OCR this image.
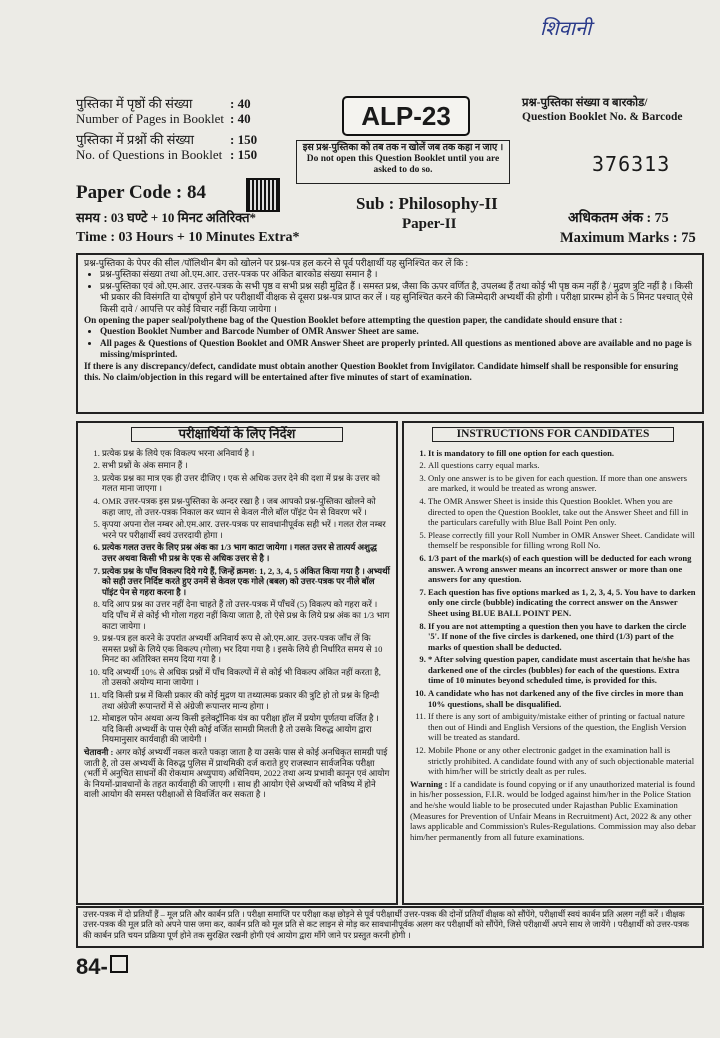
शिवानी
पुस्तिका में पृष्ठों की संख्या	: 40
Number of Pages in Booklet : 40
पुस्तिका में प्रश्नों की संख्या	: 150
No. of Questions in Booklet : 150
ALP-23
इस प्रश्न-पुस्तिका को तब तक न खोलें जब तक कहा न जाए । Do not open this Question Booklet until you are asked to do so.
प्रश्न-पुस्तिका संख्या व बारकोड/
Question Booklet No. & Barcode
376313
Paper Code : 84
Sub : Philosophy-II
Paper-II
समय : 03 घण्टे + 10 मिनट अतिरिक्त*
Time : 03 Hours + 10 Minutes Extra*
अधिकतम अंक : 75
Maximum Marks : 75
प्रश्न-पुस्तिका के पेपर की सील /पॉलिथीन बैग को खोलने पर प्रश्न-पत्र हल करने से पूर्व परीक्षार्थी यह सुनिश्चित कर लें कि :
• प्रश्न-पुस्तिका संख्या तथा ओ.एम.आर. उत्तर-पत्रक पर अंकित बारकोड संख्या समान है ।
• प्रश्न-पुस्तिका एवं ओ.एम.आर. उत्तर-पत्रक के सभी पृष्ठ व सभी प्रश्न सही मुद्रित हैं । समस्त प्रश्न, जैसा कि ऊपर वर्णित है, उपलब्ध हैं तथा कोई भी पृष्ठ कम नहीं है / मुद्रण त्रुटि नहीं है । किसी भी प्रकार की विसंगति या दोषपूर्ण होने पर परीक्षार्थी वीक्षक से दूसरा प्रश्न-पत्र प्राप्त कर लें । यह सुनिश्चित करने की जिम्मेदारी अभ्यर्थी की होगी । परीक्षा प्रारम्भ होने के 5 मिनट पश्चात् ऐसे किसी दावे / आपत्ति पर कोई विचार नहीं किया जायेगा ।
On opening the paper seal/polythene bag of the Question Booklet before attempting the question paper, the candidate should ensure that :
• Question Booklet Number and Barcode Number of OMR Answer Sheet are same.
• All pages & Questions of Question Booklet and OMR Answer Sheet are properly printed. All questions as mentioned above are available and no page is missing/misprinted.
If there is any discrepancy/defect, candidate must obtain another Question Booklet from Invigilator. Candidate himself shall be responsible for ensuring this. No claim/objection in this regard will be entertained after five minutes of start of examination.
परीक्षार्थियों के लिए निर्देश
1. प्रत्येक प्रश्न के लिये एक विकल्प भरना अनिवार्य है ।
2. सभी प्रश्नों के अंक समान हैं ।
3. प्रत्येक प्रश्न का मात्र एक ही उत्तर दीजिए । एक से अधिक उत्तर देने की दशा में प्रश्न के उत्तर को गलत माना जाएगा ।
4. OMR उत्तर-पत्रक इस प्रश्न-पुस्तिका के अन्दर रखा है । जब आपको प्रश्न-पुस्तिका खोलने को कहा जाए, तो उत्तर-पत्रक निकाल कर ध्यान से केवल नीले बॉल पॉइंट पेन से विवरण भरें ।
5. कृपया अपना रोल नम्बर ओ.एम.आर. उत्तर-पत्रक पर सावधानीपूर्वक सही भरें । गलत रोल नम्बर भरने पर परीक्षार्थी स्वयं उत्तरदायी होगा ।
6. प्रत्येक गलत उत्तर के लिए प्रश्न अंक का 1/3 भाग काटा जायेगा । गलत उत्तर से तात्पर्य अशुद्ध उत्तर अथवा किसी भी प्रश्न के एक से अधिक उत्तर से है ।
7. प्रत्येक प्रश्न के पाँच विकल्प दिये गये हैं, जिन्हें क्रमश: 1, 2, 3, 4, 5 अंकित किया गया है । अभ्यर्थी को सही उत्तर निर्दिष्ट करते हुए उनमें से केवल एक गोले (बबल) को उत्तर-पत्रक पर नीले बॉल पॉइंट पेन से गहरा करना है ।
8. यदि आप प्रश्न का उत्तर नहीं देना चाहते हैं तो उत्तर-पत्रक में पाँचवें (5) विकल्प को गहरा करें । यदि पाँच में से कोई भी गोला गहरा नहीं किया जाता है, तो ऐसे प्रश्न के लिये प्रश्न अंक का 1/3 भाग काटा जायेगा ।
9. प्रश्न-पत्र हल करने के उपरांत अभ्यर्थी अनिवार्य रूप से ओ.एम.आर. उत्तर-पत्रक जाँच लें कि समस्त प्रश्नों के लिये एक विकल्प (गोला) भर दिया गया है । इसके लिये ही निर्धारित समय से 10 मिनट का अतिरिक्त समय दिया गया है ।
10. यदि अभ्यर्थी 10% से अधिक प्रश्नों में पाँच विकल्पों में से कोई भी विकल्प अंकित नहीं करता है, तो उसको अयोग्य माना जायेगा ।
11. यदि किसी प्रश्न में किसी प्रकार की कोई मुद्रण या तथ्यात्मक प्रकार की त्रुटि हो तो प्रश्न के हिन्दी तथा अंग्रेजी रूपान्तरों में से अंग्रेजी रूपान्तर मान्य होगा ।
12. मोबाइल फोन अथवा अन्य किसी इलेक्ट्रॉनिक यंत्र का परीक्षा हॉल में प्रयोग पूर्णतया वर्जित है । यदि किसी अभ्यर्थी के पास ऐसी कोई वर्जित सामग्री मिलती है तो उसके विरुद्ध आयोग द्वारा नियमानुसार कार्यवाही की जायेगी ।
चेतावनी : अगर कोई अभ्यर्थी नकल करते पकड़ा जाता है या उसके पास से कोई अनधिकृत सामग्री पाई जाती है, तो उस अभ्यर्थी के विरुद्ध पुलिस में प्राथमिकी दर्ज कराते हुए राजस्थान सार्वजनिक परीक्षा (भर्ती में अनुचित साधनों की रोकथाम अध्युपाय) अधिनियम, 2022 तथा अन्य प्रभावी कानून एवं आयोग के नियमों-प्रावधानों के तहत कार्यवाही की जाएगी । साथ ही आयोग ऐसे अभ्यर्थी को भविष्य में होने वाली आयोग की समस्त परीक्षाओं से विवर्जित कर सकता है ।
INSTRUCTIONS FOR CANDIDATES
1. It is mandatory to fill one option for each question.
2. All questions carry equal marks.
3. Only one answer is to be given for each question. If more than one answers are marked, it would be treated as wrong answer.
4. The OMR Answer Sheet is inside this Question Booklet. When you are directed to open the Question Booklet, take out the Answer Sheet and fill in the particulars carefully with Blue Ball Point Pen only.
5. Please correctly fill your Roll Number in OMR Answer Sheet. Candidate will themself be responsible for filling wrong Roll No.
6. 1/3 part of the mark(s) of each question will be deducted for each wrong answer. A wrong answer means an incorrect answer or more than one answers for any question.
7. Each question has five options marked as 1, 2, 3, 4, 5. You have to darken only one circle (bubble) indicating the correct answer on the Answer Sheet using BLUE BALL POINT PEN.
8. If you are not attempting a question then you have to darken the circle '5'. If none of the five circles is darkened, one third (1/3) part of the marks of question shall be deducted.
9. * After solving question paper, candidate must ascertain that he/she has darkened one of the circles (bubbles) for each of the questions. Extra time of 10 minutes beyond scheduled time, is provided for this.
10. A candidate who has not darkened any of the five circles in more than 10% questions, shall be disqualified.
11. If there is any sort of ambiguity/mistake either of printing or factual nature then out of Hindi and English Versions of the question, the English Version will be treated as standard.
12. Mobile Phone or any other electronic gadget in the examination hall is strictly prohibited. A candidate found with any of such objectionable material with him/her will be strictly dealt as per rules.
Warning : If a candidate is found copying or if any unauthorized material is found in his/her possession, F.I.R. would be lodged against him/her in the Police Station and he/she would liable to be prosecuted under Rajasthan Public Examination (Measures for Prevention of Unfair Means in Recruitment) Act, 2022 & any other laws applicable and Commission's Rules-Regulations. Commission may also debar him/her permanently from all future examinations.
उत्तर-पत्रक में दो प्रतियाँ हैं – मूल प्रति और कार्बन प्रति । परीक्षा समाप्ति पर परीक्षा कक्ष छोड़ने से पूर्व परीक्षार्थी उत्तर-पत्रक की दोनों प्रतियाँ वीक्षक को सौंपेंगे, परीक्षार्थी स्वयं कार्बन प्रति अलग नहीं करें । वीक्षक उत्तर-पत्रक की मूल प्रति को अपने पास जमा कर, कार्बन प्रति को मूल प्रति से कट लाइन से मोड़ कर सावधानीपूर्वक अलग कर परीक्षार्थी को सौंपेंगे, जिसे परीक्षार्थी अपने साथ ले जायेंगे । परीक्षार्थी को उत्तर-पत्रक की कार्बन प्रति चयन प्रक्रिया पूर्ण होने तक सुरक्षित रखनी होगी एवं आयोग द्वारा माँगे जाने पर प्रस्तुत करनी होगी ।
84-
